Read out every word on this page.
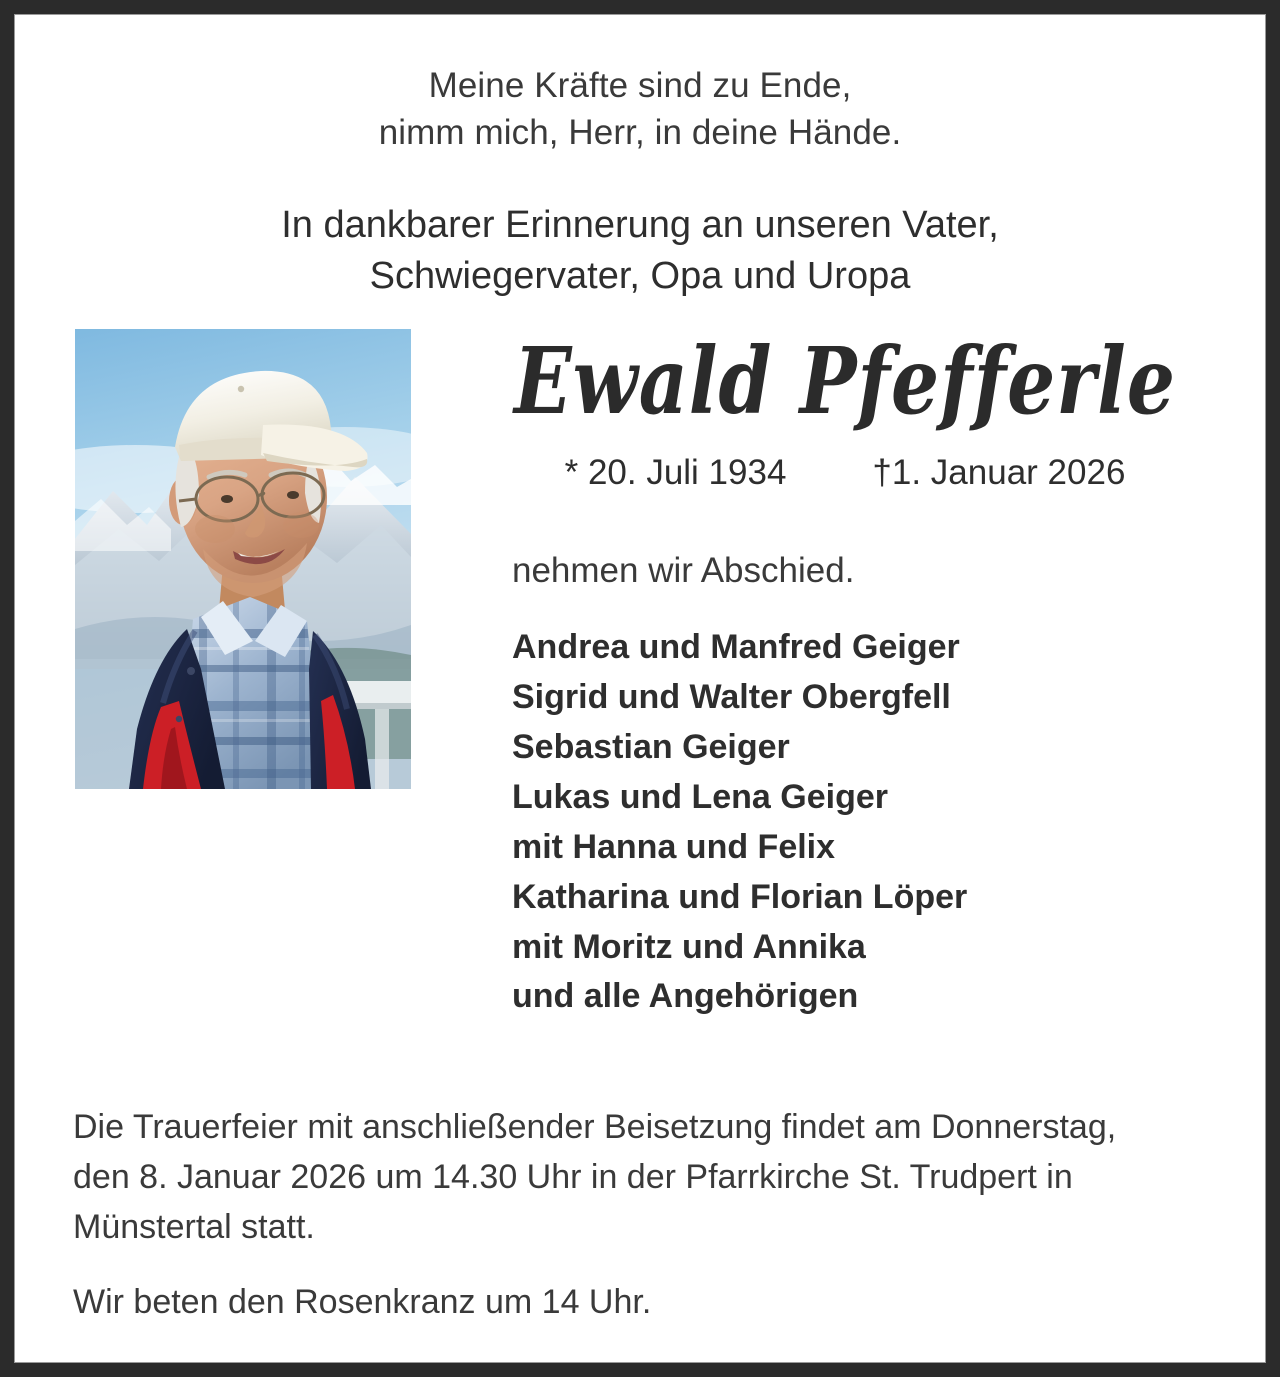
Meine Kräfte sind zu Ende,
nimm mich, Herr, in deine Hände.
In dankbarer Erinnerung an unseren Vater,
Schwiegervater, Opa und Uropa
Ewald Pfefferle
* 20. Juli 1934 †1. Januar 2026
nehmen wir Abschied.
Andrea und Manfred Geiger
Sigrid und Walter Obergfell
Sebastian Geiger
Lukas und Lena Geiger
mit Hanna und Felix
Katharina und Florian Löper
mit Moritz und Annika
und alle Angehörigen
Die Trauerfeier mit anschließender Beisetzung findet am Donnerstag,
den 8. Januar 2026 um 14.30 Uhr in der Pfarrkirche St. Trudpert in
Münstertal statt.
Wir beten den Rosenkranz um 14 Uhr.
